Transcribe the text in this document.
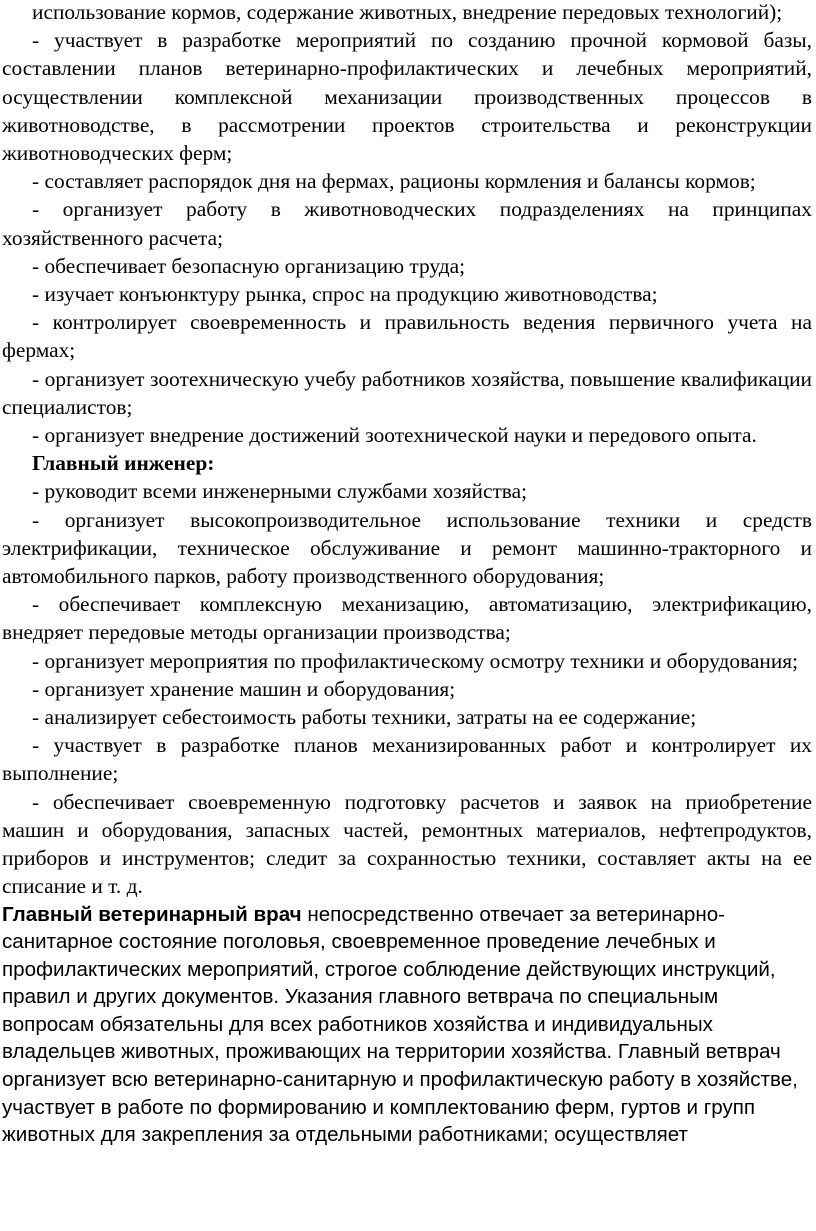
использование кормов, содержание животных, внедрение передовых технологий);

- участвует в разработке мероприятий по созданию прочной кормовой базы, составлении планов ветеринарно-профилактических и лечебных мероприятий, осуществлении комплексной механизации производственных процессов в животноводстве, в рассмотрении проектов строительства и реконструкции животноводческих ферм;

- составляет распорядок дня на фермах, рационы кормления и балансы кормов;

- организует работу в животноводческих подразделениях на принципах хозяйственного расчета;

- обеспечивает безопасную организацию труда;

- изучает конъюнктуру рынка, спрос на продукцию животноводства;

- контролирует своевременность и правильность ведения первичного учета на фермах;

- организует зоотехническую учебу работников хозяйства, повышение квалификации специалистов;

- организует внедрение достижений зоотехнической науки и передового опыта.

Главный инженер:

- руководит всеми инженерными службами хозяйства;

- организует высокопроизводительное использование техники и средств электрификации, техническое обслуживание и ремонт машинно-тракторного и автомобильного парков, работу производственного оборудования;

- обеспечивает комплексную механизацию, автоматизацию, электрификацию, внедряет передовые методы организации производства;

- организует мероприятия по профилактическому осмотру техники и оборудования;

- организует хранение машин и оборудования;

- анализирует себестоимость работы техники, затраты на ее содержание;

- участвует в разработке планов механизированных работ и контролирует их выполнение;

- обеспечивает своевременную подготовку расчетов и заявок на приобретение машин и оборудования, запасных частей, ремонтных материалов, нефтепродуктов, приборов и инструментов; следит за сохранностью техники, составляет акты на ее списание и т. д.

Главный ветеринарный врач непосредственно отвечает за ветеринарно-санитарное состояние поголовья, своевременное проведение лечебных и профилактических мероприятий, строгое соблюдение действующих инструкций, правил и других документов. Указания главного ветврача по специальным вопросам обязательны для всех работников хозяйства и индивидуальных владельцев животных, проживающих на территории хозяйства. Главный ветврач организует всю ветеринарно-санитарную и профилактическую работу в хозяйстве, участвует в работе по формированию и комплектованию ферм, гуртов и групп животных для закрепления за отдельными работниками; осуществляет
